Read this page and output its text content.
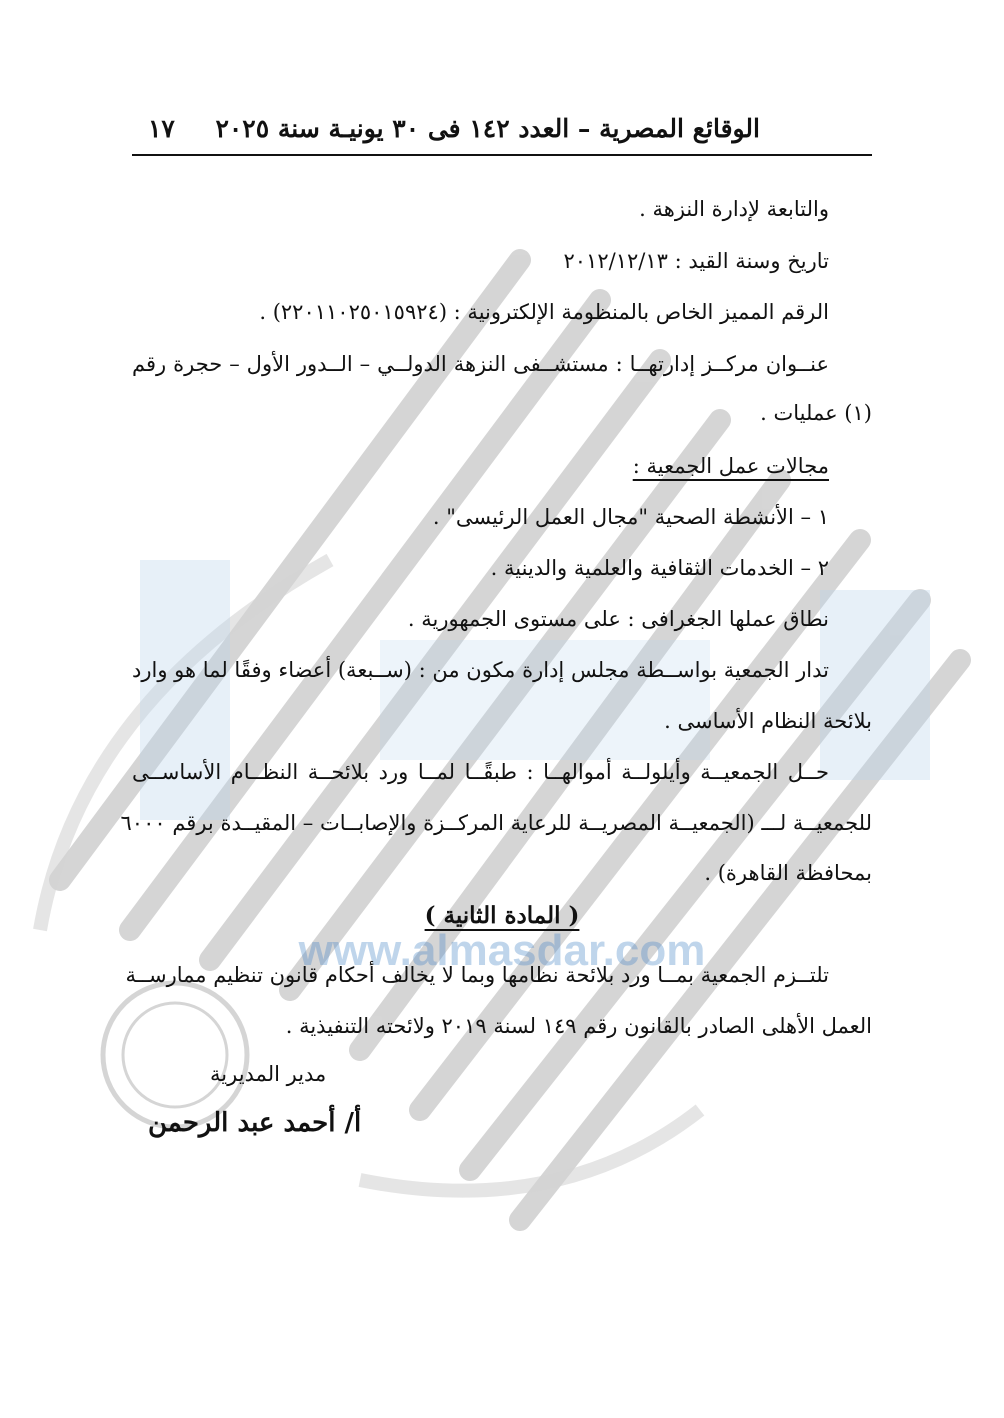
www.almasdar.com
الوقائع المصرية – العدد ١٤٢ فى ٣٠ يونيـة سنة ٢٠٢٥
١٧
والتابعة لإدارة النزهة .
تاريخ وسنة القيد : ٢٠١٢/١٢/١٣
الرقم المميز الخاص بالمنظومة الإلكترونية : (٢٢٠١١٠٢٥٠١٥٩٢٤) .
عنــوان مركــز إدارتهــا : مستشــفى النزهة الدولــي – الــدور الأول – حجرة رقم
(١) عمليات .
مجالات عمل الجمعية :
١ – الأنشطة الصحية "مجال العمل الرئيسى" .
٢ – الخدمات الثقافية والعلمية والدينية .
نطاق عملها الجغرافى : على مستوى الجمهورية .
تدار الجمعية بواســطة مجلس إدارة مكون من : (ســبعة) أعضاء وفقًا لما هو وارد
بلائحة النظام الأساسى .
حــل الجمعيــة وأيلولــة أموالهــا : طبقًــا لمــا ورد بلائحــة النظــام الأساســى
للجمعيــة لـــ (الجمعيــة المصريــة للرعاية المركــزة والإصابــات – المقيــدة برقم ٦٠٠٠
بمحافظة القاهرة) .
( المادة الثانية )
تلتــزم الجمعية بمــا ورد بلائحة نظامها وبما لا يخالف أحكام قانون تنظيم ممارســة
العمل الأهلى الصادر بالقانون رقم ١٤٩ لسنة ٢٠١٩ ولائحته التنفيذية .
مدير المديرية
أ/ أحمد عبد الرحمن
